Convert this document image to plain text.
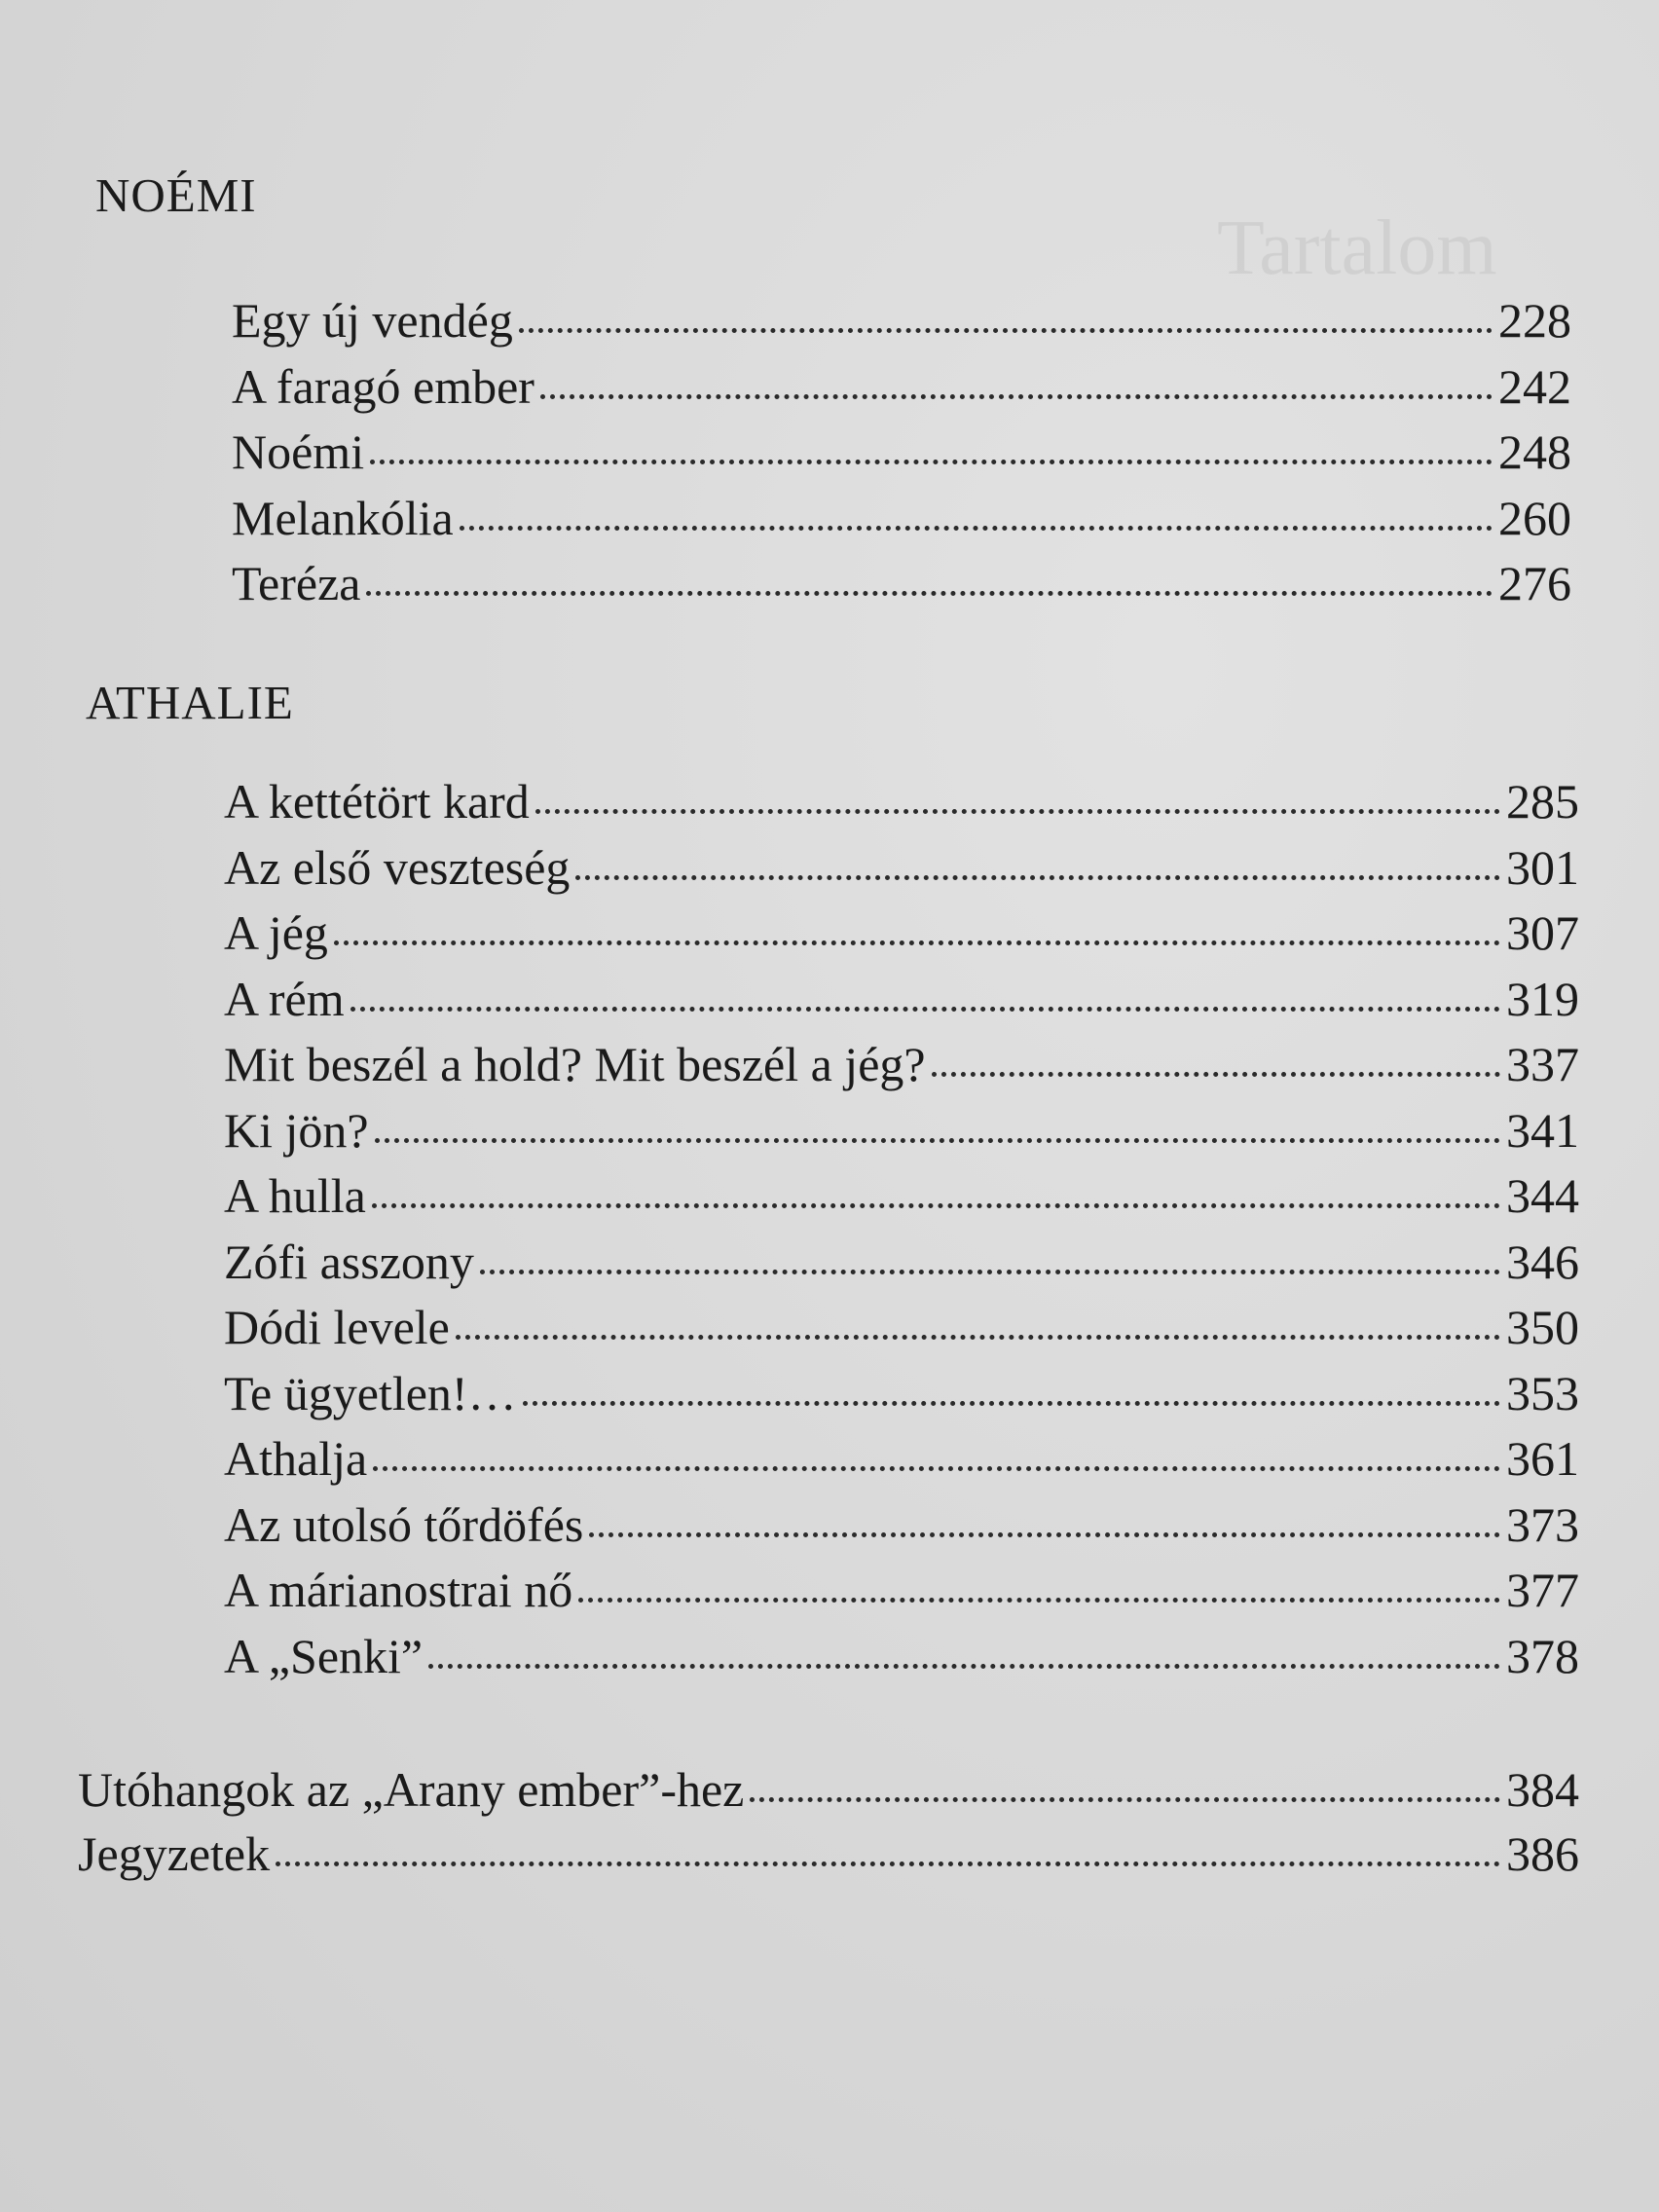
Tartalom
NOÉMI
Egy új vendég	228
A faragó ember	242
Noémi	248
Melankólia	260
Teréza	276
ATHALIE
A kettétört kard	285
Az első veszteség	301
A jég	307
A rém	319
Mit beszél a hold? Mit beszél a jég?	337
Ki jön?	341
A hulla	344
Zófi asszony	346
Dódi levele	350
Te ügyetlen!…	353
Athalja	361
Az utolsó tőrdöfés	373
A márianostrai nő	377
A „Senki”	378
Utóhangok az „Arany ember”-hez	384
Jegyzetek	386
